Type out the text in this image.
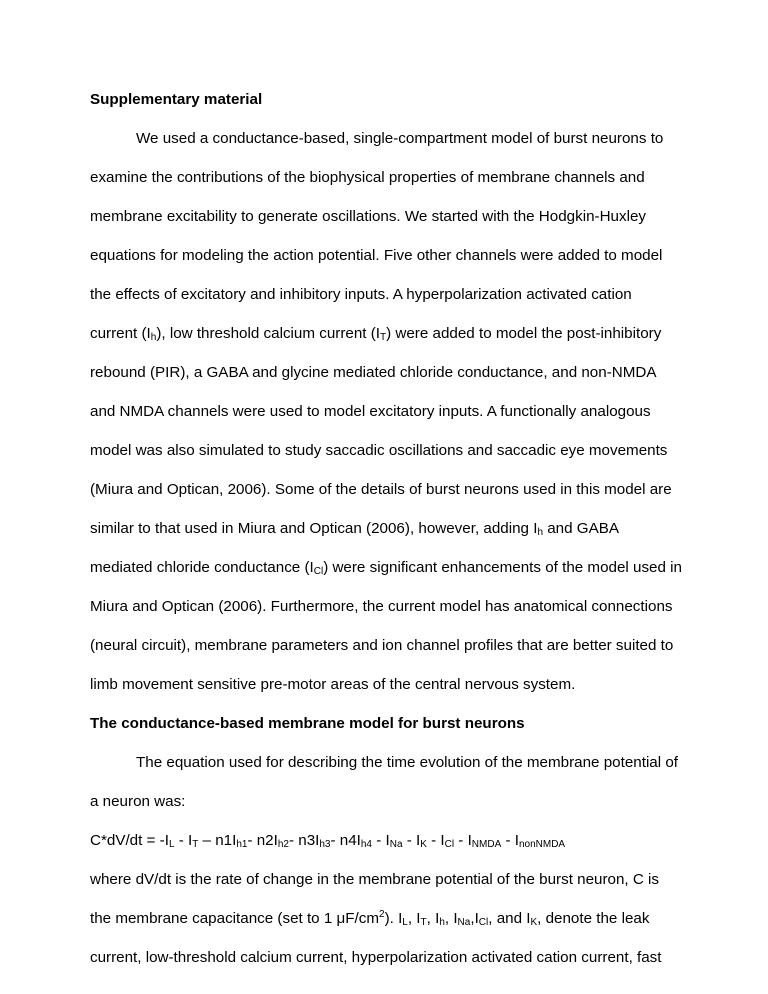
Supplementary material

We used a conductance-based, single-compartment model of burst neurons to

examine the contributions of the biophysical properties of membrane channels and

membrane excitability to generate oscillations. We started with the Hodgkin-Huxley

equations for modeling the action potential. Five other channels were added to model

the effects of excitatory and inhibitory inputs. A hyperpolarization activated cation

current $(I_h)$, low threshold calcium current $(I_T)$ were added to model the post-inhibitory

rebound (PIR), a GABA and glycine mediated chloride conductance, and non-NMDA

and NMDA channels were used to model excitatory inputs. A functionally analogous

model was also simulated to study saccadic oscillations and saccadic eye movements

(Miura and Optican, 2006). Some of the details of burst neurons used in this model are

similar to that used in Miura and Optican (2006), however, adding $I_h$ and GABA

mediated chloride conductance $(I_{Cl})$ were significant enhancements of the model used in

Miura and Optican (2006). Furthermore, the current model has anatomical connections

(neural circuit), membrane parameters and ion channel profiles that are better suited to

limb movement sensitive pre-motor areas of the central nervous system.

The conductance-based membrane model for burst neurons

The equation used for describing the time evolution of the membrane potential of

a neuron was:

$C*dV/dt = -I_L - I_T - n1I_{h1}-$ $n2I_{h2}-$ $n3I_{h3}-$ $n4I_{h4} - I_{Na} - I_K - I_{Cl} - I_{NMDA} - I_{nonNMDA}$

where dV/dt is the rate of change in the membrane potential of the burst neuron, C is

the membrane capacitance (set to 1 $\mu F/cm^2$). $I_L$, $I_T$, $I_h$, $I_{Na},I_{Cl}$, and $I_K$, denote the leak

current, low-threshold calcium current, hyperpolarization activated cation current, fast
